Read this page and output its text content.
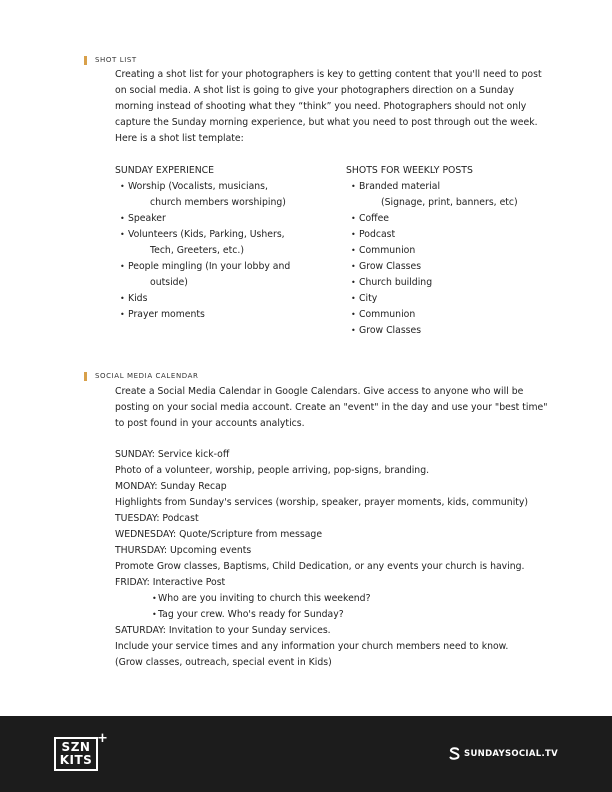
SHOT LIST

Creating a shot list for your photographers is key to getting content that you'll need to post on social media. A shot list is going to give your photographers direction on a Sunday morning instead of shooting what they “think” you need. Photographers should not only capture the Sunday morning experience, but what you need to post through out the week. Here is a shot list template:

SUNDAY EXPERIENCE
• Worship (Vocalists, musicians,
church members worshiping)
• Speaker
• Volunteers (Kids, Parking, Ushers,
Tech, Greeters, etc.)
• People mingling (In your lobby and
outside)
• Kids
• Prayer moments
SHOTS FOR WEEKLY POSTS
• Branded material
(Signage, print, banners, etc)
• Coffee
• Podcast
• Communion
• Grow Classes
• Church building
• City
• Communion
• Grow Classes
SOCIAL MEDIA CALENDAR

Create a Social Media Calendar in Google Calendars. Give access to anyone who will be posting on your social media account. Create an "event" in the day and use your "best time" to post found in your accounts analytics.

SUNDAY: Service kick-off
Photo of a volunteer, worship, people arriving, pop-signs, branding.
MONDAY: Sunday Recap
Highlights from Sunday's services (worship, speaker, prayer moments, kids, community)
TUESDAY: Podcast
WEDNESDAY: Quote/Scripture from message
THURSDAY: Upcoming events
Promote Grow classes, Baptisms, Child Dedication, or any events your church is having.
FRIDAY: Interactive Post
• Who are you inviting to church this weekend?
• Tag your crew. Who's ready for Sunday?
SATURDAY: Invitation to your Sunday services.
Include your service times and any information your church members need to know.
(Grow classes, outreach, special event in Kids)
SZN
KITS
+
SUNDAYSOCIAL.TV
